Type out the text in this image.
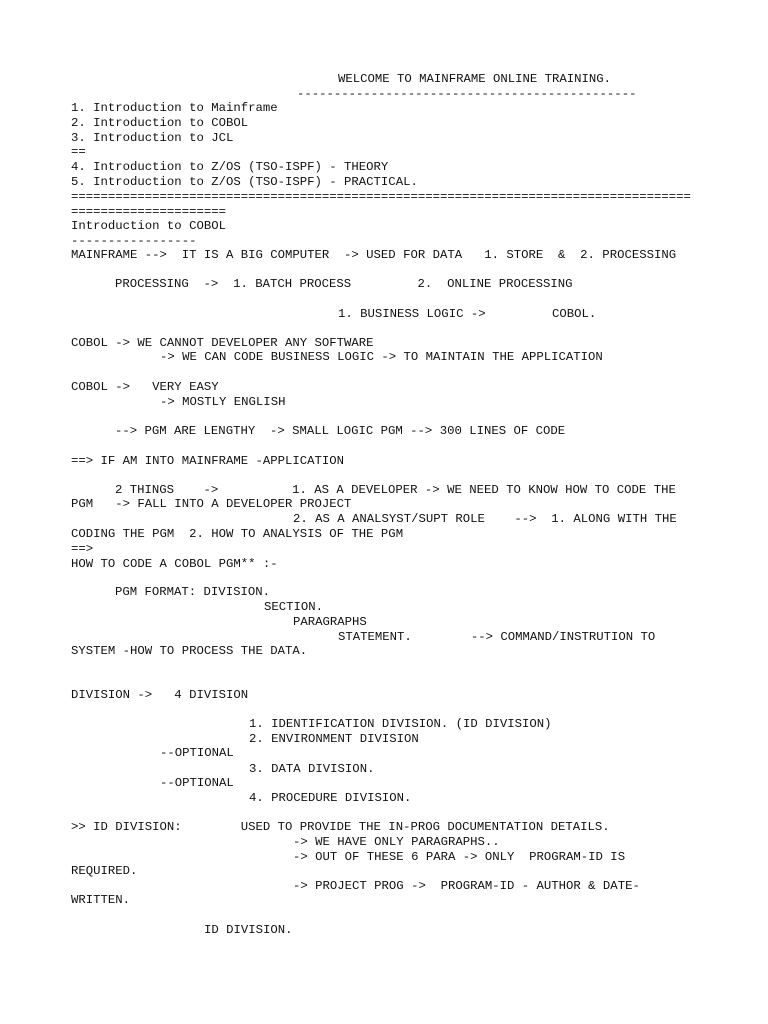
WELCOME TO MAINFRAME ONLINE TRAINING.
----------------------------------------------
1. Introduction to Mainframe
2. Introduction to COBOL
3. Introduction to JCL
==
4. Introduction to Z/OS (TSO-ISPF) - THEORY
5. Introduction to Z/OS (TSO-ISPF) - PRACTICAL.
====================================================================================
=====================
Introduction to COBOL
-----------------
MAINFRAME -->  IT IS A BIG COMPUTER  -> USED FOR DATA   1. STORE  &  2. PROCESSING
PROCESSING  ->  1. BATCH PROCESS         2.  ONLINE PROCESSING
1. BUSINESS LOGIC ->         COBOL.
COBOL -> WE CANNOT DEVELOPER ANY SOFTWARE
-> WE CAN CODE BUSINESS LOGIC -> TO MAINTAIN THE APPLICATION
COBOL ->   VERY EASY
-> MOSTLY ENGLISH
--> PGM ARE LENGTHY  -> SMALL LOGIC PGM --> 300 LINES OF CODE
==> IF AM INTO MAINFRAME -APPLICATION
2 THINGS    ->          1. AS A DEVELOPER -> WE NEED TO KNOW HOW TO CODE THE
PGM   -> FALL INTO A DEVELOPER PROJECT
2. AS A ANALSYST/SUPT ROLE    -->  1. ALONG WITH THE
CODING THE PGM  2. HOW TO ANALYSIS OF THE PGM
==>
HOW TO CODE A COBOL PGM** :-
PGM FORMAT: DIVISION.
SECTION.
PARAGRAPHS
STATEMENT.        --> COMMAND/INSTRUTION TO
SYSTEM -HOW TO PROCESS THE DATA.
DIVISION ->   4 DIVISION
1. IDENTIFICATION DIVISION. (ID DIVISION)
2. ENVIRONMENT DIVISION
--OPTIONAL
3. DATA DIVISION.
--OPTIONAL
4. PROCEDURE DIVISION.
>> ID DIVISION:        USED TO PROVIDE THE IN-PROG DOCUMENTATION DETAILS.
-> WE HAVE ONLY PARAGRAPHS..
-> OUT OF THESE 6 PARA -> ONLY  PROGRAM-ID IS
REQUIRED.
-> PROJECT PROG ->  PROGRAM-ID - AUTHOR & DATE-
WRITTEN.
ID DIVISION.
